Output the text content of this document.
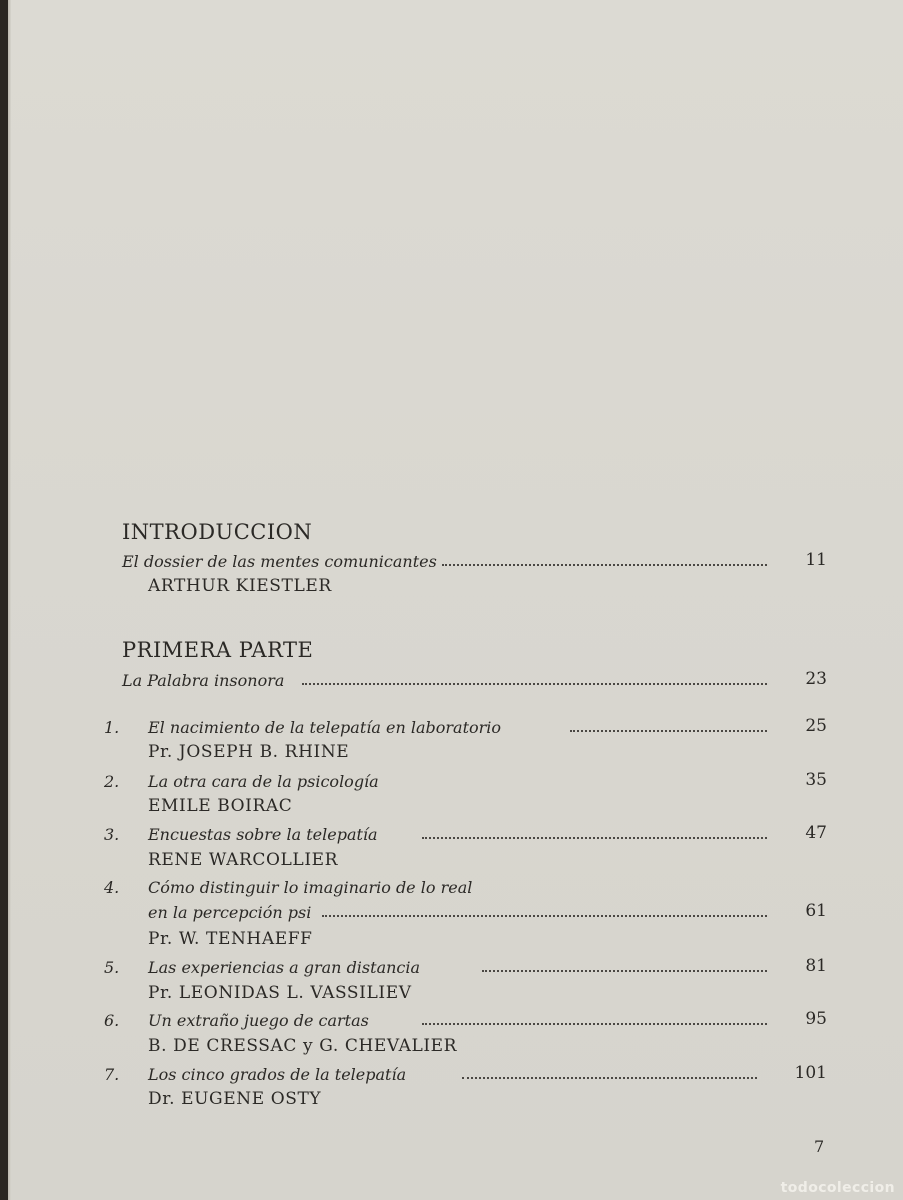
INTRODUCCION
El dossier de las mentes comunicantes	11
ARTHUR KIESTLER
PRIMERA PARTE
La Palabra insonora	23
1. El nacimiento de la telepatía en laboratorio	25
Pr. JOSEPH B. RHINE
2. La otra cara de la psicología	35
EMILE BOIRAC
3. Encuestas sobre la telepatía	47
RENE WARCOLLIER
4. Cómo distinguir lo imaginario de lo real
en la percepción psi	61
Pr. W. TENHAEFF
5. Las experiencias a gran distancia	81
Pr. LEONIDAS L. VASSILIEV
6. Un extraño juego de cartas	95
B. DE CRESSAC y G. CHEVALIER
7. Los cinco grados de la telepatía	101
Dr. EUGENE OSTY
7
todocoleccion
